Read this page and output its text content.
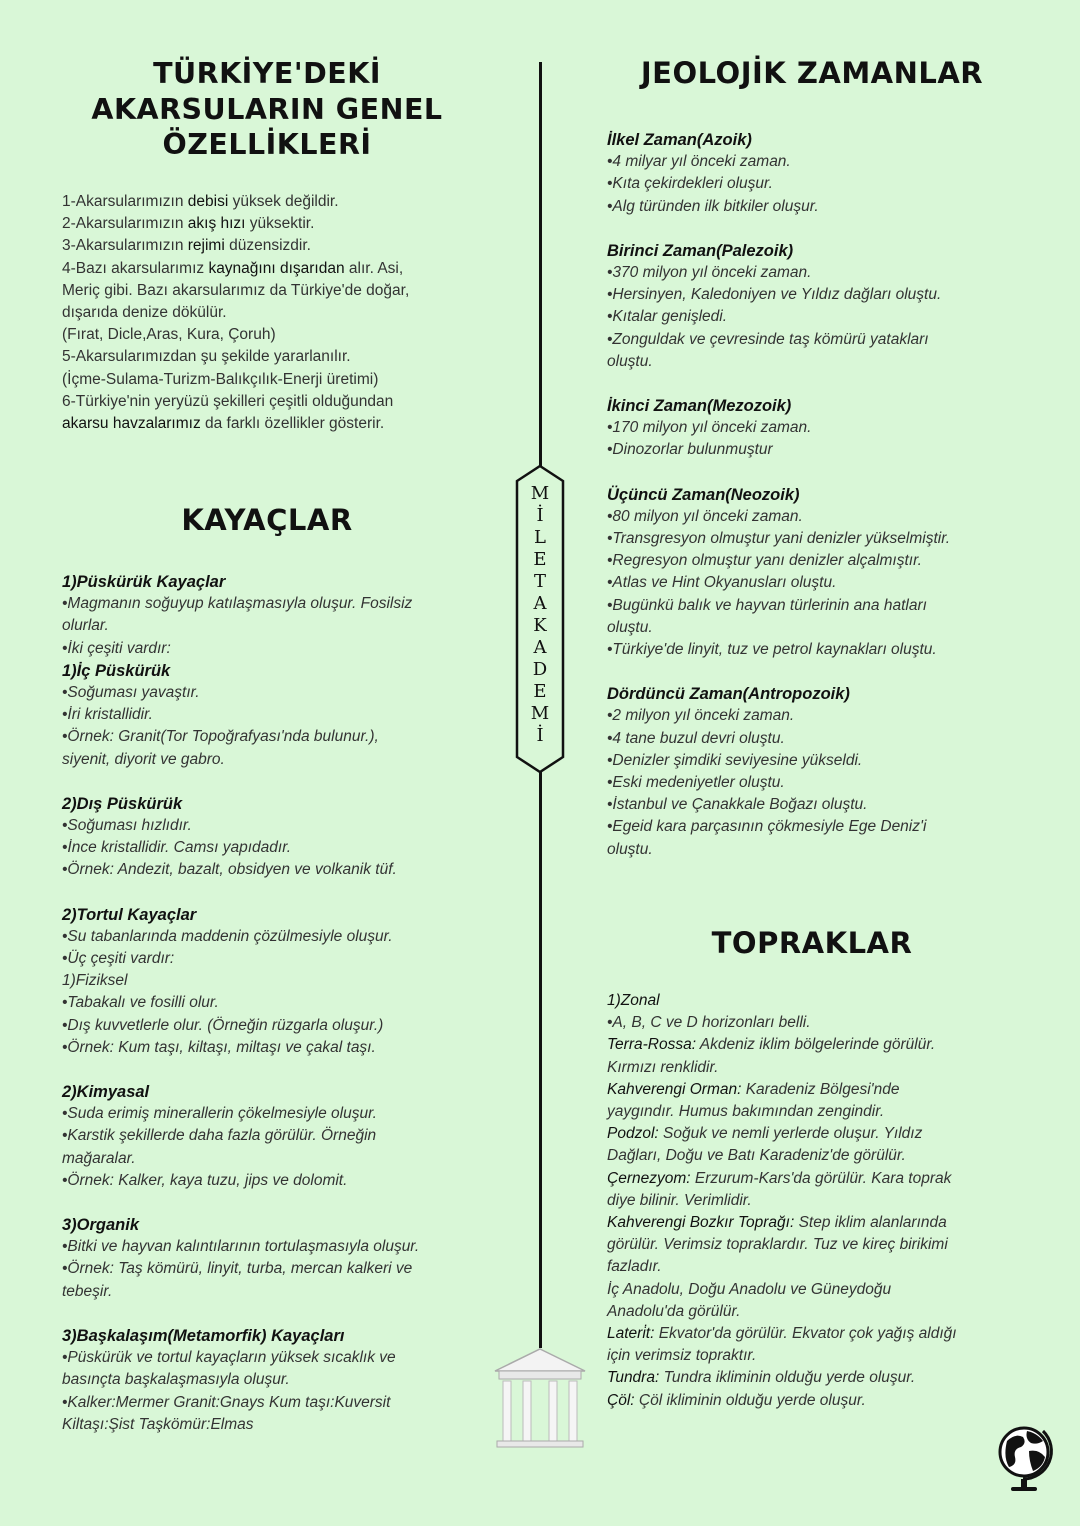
TÜRKİYE'DEKİ
AKARSULARIN GENEL
ÖZELLİKLERİ
1-Akarsularımızın debisi yüksek değildir.
2-Akarsularımızın akış hızı yüksektir.
3-Akarsularımızın rejimi düzensizdir.
4-Bazı akarsularımız kaynağını dışarıdan alır. Asi,
Meriç gibi. Bazı akarsularımız da Türkiye'de doğar,
dışarıda denize dökülür.
(Fırat, Dicle,Aras, Kura, Çoruh)
5-Akarsularımızdan şu şekilde yararlanılır.
(İçme-Sulama-Turizm-Balıkçılık-Enerji üretimi)
6-Türkiye'nin yeryüzü şekilleri çeşitli olduğundan
akarsu havzalarımız da farklı özellikler gösterir.
KAYAÇLAR
1)Püskürük Kayaçlar
•Magmanın soğuyup katılaşmasıyla oluşur. Fosilsiz
olurlar.
•İki çeşiti vardır:
1)İç Püskürük
•Soğuması yavaştır.
•İri kristallidir.
•Örnek: Granit(Tor Topoğrafyası'nda bulunur.),
siyenit, diyorit ve gabro.
2)Dış Püskürük
•Soğuması hızlıdır.
•İnce kristallidir. Camsı yapıdadır.
•Örnek: Andezit, bazalt, obsidyen ve volkanik tüf.
2)Tortul Kayaçlar
•Su tabanlarında maddenin çözülmesiyle oluşur.
•Üç çeşiti vardır:
1)Fiziksel
•Tabakalı ve fosilli olur.
•Dış kuvvetlerle olur. (Örneğin rüzgarla oluşur.)
•Örnek: Kum taşı, kiltaşı, miltaşı ve çakal taşı.
2)Kimyasal
•Suda erimiş minerallerin çökelmesiyle oluşur.
•Karstik şekillerde daha fazla görülür. Örneğin
mağaralar.
•Örnek: Kalker, kaya tuzu, jips ve dolomit.
3)Organik
•Bitki ve hayvan kalıntılarının tortulaşmasıyla oluşur.
•Örnek: Taş kömürü, linyit, turba, mercan kalkeri ve
tebeşir.
3)Başkalaşım(Metamorfik) Kayaçları
•Püskürük ve tortul kayaçların yüksek sıcaklık ve
basınçta başkalaşmasıyla oluşur.
•Kalker:Mermer Granit:Gnays Kum taşı:Kuversit
Kiltaşı:Şist Taşkömür:Elmas
M
İ
L
E
T
A
K
A
D
E
M
İ
JEOLOJİK ZAMANLAR
İlkel Zaman(Azoik)
•4 milyar yıl önceki zaman.
•Kıta çekirdekleri oluşur.
•Alg türünden ilk bitkiler oluşur.
Birinci Zaman(Palezoik)
•370 milyon yıl önceki zaman.
•Hersinyen, Kaledoniyen ve Yıldız dağları oluştu.
•Kıtalar genişledi.
•Zonguldak ve çevresinde taş kömürü yatakları
oluştu.
İkinci Zaman(Mezozoik)
•170 milyon yıl önceki zaman.
•Dinozorlar bulunmuştur
Üçüncü Zaman(Neozoik)
•80 milyon yıl önceki zaman.
•Transgresyon olmuştur yani denizler yükselmiştir.
•Regresyon olmuştur yanı denizler alçalmıştır.
•Atlas ve Hint Okyanusları oluştu.
•Bugünkü balık ve hayvan türlerinin ana hatları
oluştu.
•Türkiye'de linyit, tuz ve petrol kaynakları oluştu.
Dördüncü Zaman(Antropozoik)
•2 milyon yıl önceki zaman.
•4 tane buzul devri oluştu.
•Denizler şimdiki seviyesine yükseldi.
•Eski medeniyetler oluştu.
•İstanbul ve Çanakkale Boğazı oluştu.
•Egeid kara parçasının çökmesiyle Ege Deniz'i
oluştu.
TOPRAKLAR
1)Zonal
•A, B, C ve D horizonları belli.
Terra-Rossa: Akdeniz iklim bölgelerinde görülür.
Kırmızı renklidir.
Kahverengi Orman: Karadeniz Bölgesi'nde
yaygındır. Humus bakımından zengindir.
Podzol: Soğuk ve nemli yerlerde oluşur. Yıldız
Dağları, Doğu ve Batı Karadeniz'de görülür.
Çernezyom: Erzurum-Kars'da görülür. Kara toprak
diye bilinir. Verimlidir.
Kahverengi Bozkır Toprağı: Step iklim alanlarında
görülür. Verimsiz topraklardır. Tuz ve kireç birikimi
fazladır.
İç Anadolu, Doğu Anadolu ve Güneydoğu
Anadolu'da görülür.
Lateri̇t: Ekvator'da görülür. Ekvator çok yağış aldığı
için verimsiz topraktır.
Tundra: Tundra ikliminin olduğu yerde oluşur.
Çöl: Çöl ikliminin olduğu yerde oluşur.
